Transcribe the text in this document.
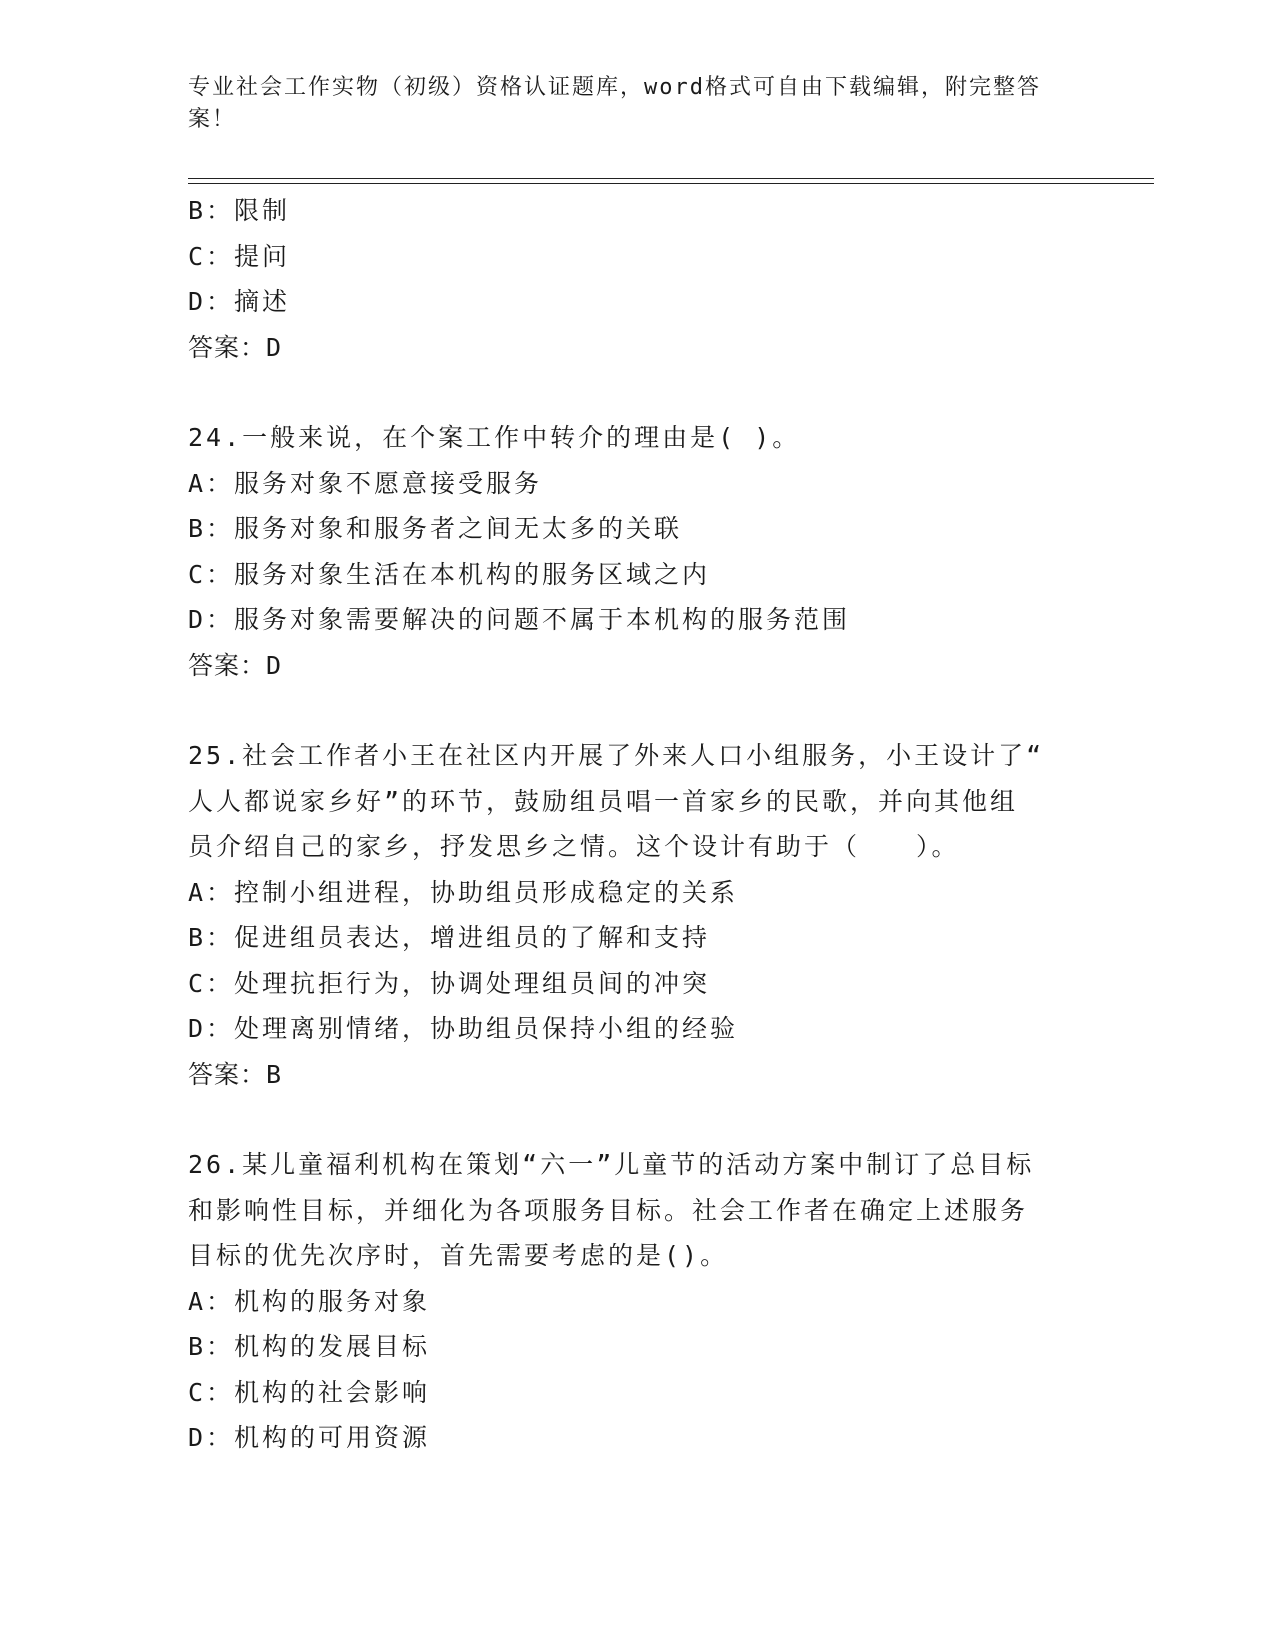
专业社会工作实物（初级）资格认证题库，word格式可自由下载编辑，附完整答
案！
B：限制
C：提问
D：摘述
答案：D
24.一般来说，在个案工作中转介的理由是( )。
A：服务对象不愿意接受服务
B：服务对象和服务者之间无太多的关联
C：服务对象生活在本机构的服务区域之内
D：服务对象需要解决的问题不属于本机构的服务范围
答案：D
25.社会工作者小王在社区内开展了外来人口小组服务，小王设计了“
人人都说家乡好”的环节，鼓励组员唱一首家乡的民歌，并向其他组
员介绍自己的家乡，抒发思乡之情。这个设计有助于（　　）。
A：控制小组进程，协助组员形成稳定的关系
B：促进组员表达，增进组员的了解和支持
C：处理抗拒行为，协调处理组员间的冲突
D：处理离别情绪，协助组员保持小组的经验
答案：B
26.某儿童福利机构在策划“六一”儿童节的活动方案中制订了总目标
和影响性目标，并细化为各项服务目标。社会工作者在确定上述服务
目标的优先次序时，首先需要考虑的是()。
A：机构的服务对象
B：机构的发展目标
C：机构的社会影响
D：机构的可用资源
